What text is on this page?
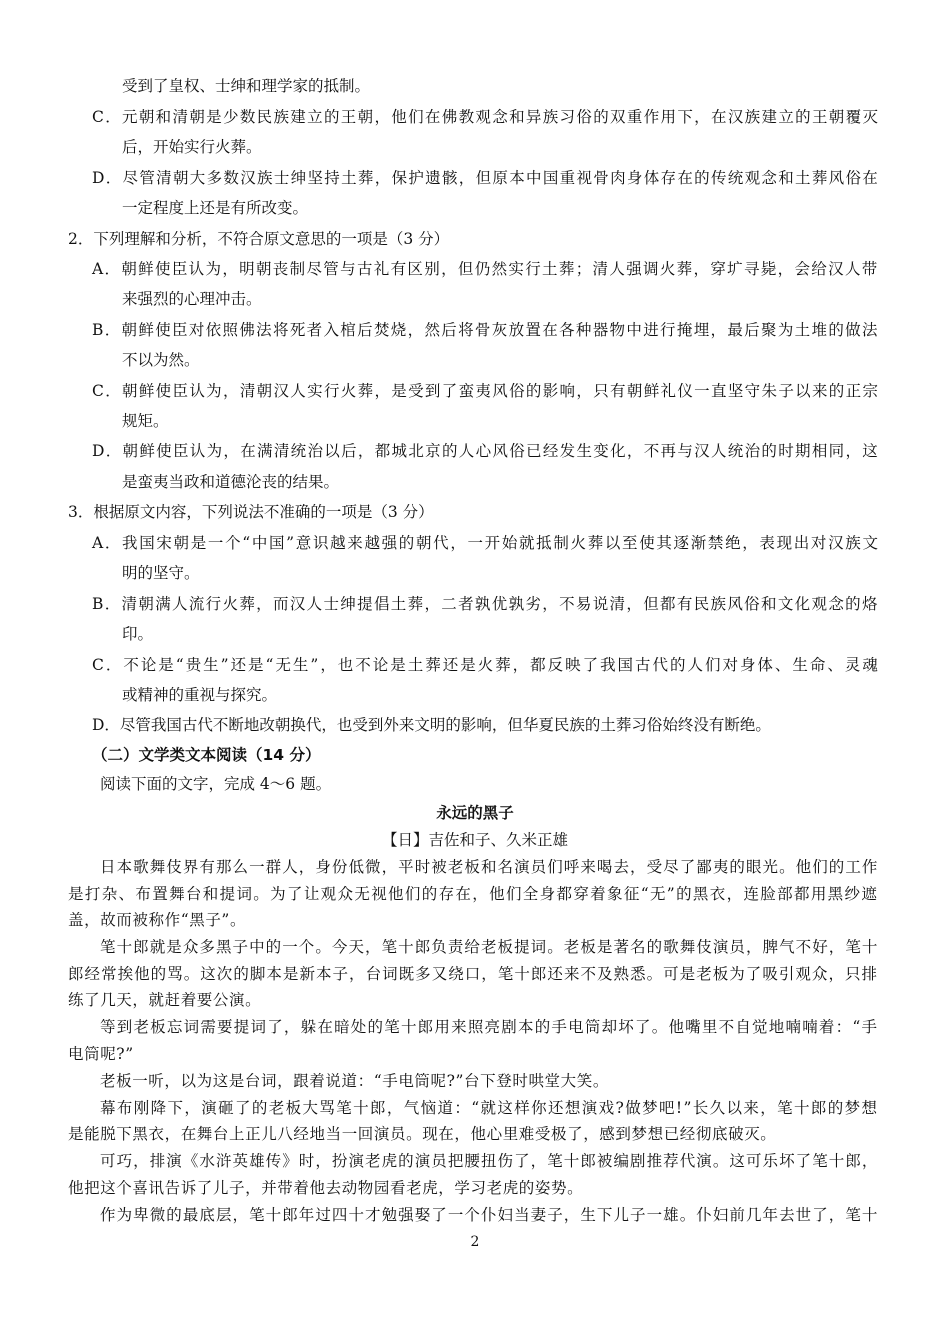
受到了皇权、士绅和理学家的抵制。
C ． 元 朝 和 清 朝 是 少 数 民 族 建 立 的 王 朝 ， 他 们 在 佛 教 观 念 和 异 族 习 俗 的 双 重 作 用 下 ， 在 汉 族 建 立 的 王 朝 覆 灭
后，开始实行火葬。
D ． 尽 管 清 朝 大 多 数 汉 族 士 绅 坚 持 土 葬 ， 保 护 遗 骸 ， 但 原 本 中 国 重 视 骨 肉 身 体 存 在 的 传 统 观 念 和 土 葬 风 俗 在
一定程度上还是有所改变。
2．下列理解和分析，不符合原文意思的一项是（3 分）
A ． 朝 鲜 使 臣 认 为 ， 明 朝 丧 制 尽 管 与 古 礼 有 区 别 ， 但 仍 然 实 行 土 葬 ； 清 人 强 调 火 葬 ， 穿 圹 寻 毙 ， 会 给 汉 人 带
来强烈的心理冲击。
B ． 朝 鲜 使 臣 对 依 照 佛 法 将 死 者 入 棺 后 焚 烧 ， 然 后 将 骨 灰 放 置 在 各 种 器 物 中 进 行 掩 埋 ， 最 后 聚 为 土 堆 的 做 法
不以为然。
C ． 朝 鲜 使 臣 认 为 ， 清 朝 汉 人 实 行 火 葬 ， 是 受 到 了 蛮 夷 风 俗 的 影 响 ， 只 有 朝 鲜 礼 仪 一 直 坚 守 朱 子 以 来 的 正 宗
规矩。
D ． 朝 鲜 使 臣 认 为 ， 在 满 清 统 治 以 后 ， 都 城 北 京 的 人 心 风 俗 已 经 发 生 变 化 ， 不 再 与 汉 人 统 治 的 时 期 相 同 ， 这
是蛮夷当政和道德沦丧的结果。
3．根据原文内容，下列说法不准确的一项是（3 分）
A ． 我 国 宋 朝 是 一 个 “ 中 国 ” 意 识 越 来 越 强 的 朝 代 ， 一 开 始 就 抵 制 火 葬 以 至 使 其 逐 渐 禁 绝 ， 表 现 出 对 汉 族 文
明的坚守。
B ． 清 朝 满 人 流 行 火 葬 ， 而 汉 人 士 绅 提 倡 土 葬 ， 二 者 孰 优 孰 劣 ， 不 易 说 清 ， 但 都 有 民 族 风 俗 和 文 化 观 念 的 烙
印。
C ． 不 论 是 “ 贵 生 ” 还 是 “ 无 生 ” ， 也 不 论 是 土 葬 还 是 火 葬 ， 都 反 映 了 我 国 古 代 的 人 们 对 身 体 、 生 命 、 灵 魂
或精神的重视与探究。
D．尽管我国古代不断地改朝换代，也受到外来文明的影响，但华夏民族的土葬习俗始终没有断绝。
（二）文学类文本阅读（14 分）
阅读下面的文字，完成 4～6 题。
永远的黑子
【日】吉佐和子、久米正雄
日 本 歌 舞 伎 界 有 那 么 一 群 人 ， 身 份 低 微 ， 平 时 被 老 板 和 名 演 员 们 呼 来 喝 去 ， 受 尽 了 鄙 夷 的 眼 光 。 他 们 的 工 作
是 打 杂 、 布 置 舞 台 和 提 词 。 为 了 让 观 众 无 视 他 们 的 存 在 ， 他 们 全 身 都 穿 着 象 征 “ 无 ” 的 黑 衣 ， 连 脸 部 都 用 黑 纱 遮
盖，故而被称作“黑子”。
笔 十 郎 就 是 众 多 黑 子 中 的 一 个 。 今 天 ， 笔 十 郎 负 责 给 老 板 提 词 。 老 板 是 著 名 的 歌 舞 伎 演 员 ， 脾 气 不 好 ， 笔 十
郎 经 常 挨 他 的 骂 。 这 次 的 脚 本 是 新 本 子 ， 台 词 既 多 又 绕 口 ， 笔 十 郎 还 来 不 及 熟 悉 。 可 是 老 板 为 了 吸 引 观 众 ， 只 排
练了几天，就赶着要公演。
等 到 老 板 忘 词 需 要 提 词 了 ， 躲 在 暗 处 的 笔 十 郎 用 来 照 亮 剧 本 的 手 电 筒 却 坏 了 。 他 嘴 里 不 自 觉 地 喃 喃 着 ： “ 手
电筒呢?”
老板一听，以为这是台词，跟着说道：“手电筒呢?”台下登时哄堂大笑。
幕 布 刚 降 下 ， 演 砸 了 的 老 板 大 骂 笔 十 郎 ， 气 恼 道 ： “ 就 这 样 你 还 想 演 戏 ? 做 梦 吧 ! ” 长 久 以 来 ， 笔 十 郎 的 梦 想
是能脱下黑衣，在舞台上正儿八经地当一回演员。现在，他心里难受极了，感到梦想已经彻底破灭。
可 巧 ， 排 演 《 水 浒 英 雄 传 》 时 ， 扮 演 老 虎 的 演 员 把 腰 扭 伤 了 ， 笔 十 郎 被 编 剧 推 荐 代 演 。 这 可 乐 坏 了 笔 十 郎 ，
他把这个喜讯告诉了儿子，并带着他去动物园看老虎，学习老虎的姿势。
作 为 卑 微 的 最 底 层 ， 笔 十 郎 年 过 四 十 才 勉 强 娶 了 一 个 仆 妇 当 妻 子 ， 生 下 儿 子 一 雄 。 仆 妇 前 几 年 去 世 了 ， 笔 十
2
